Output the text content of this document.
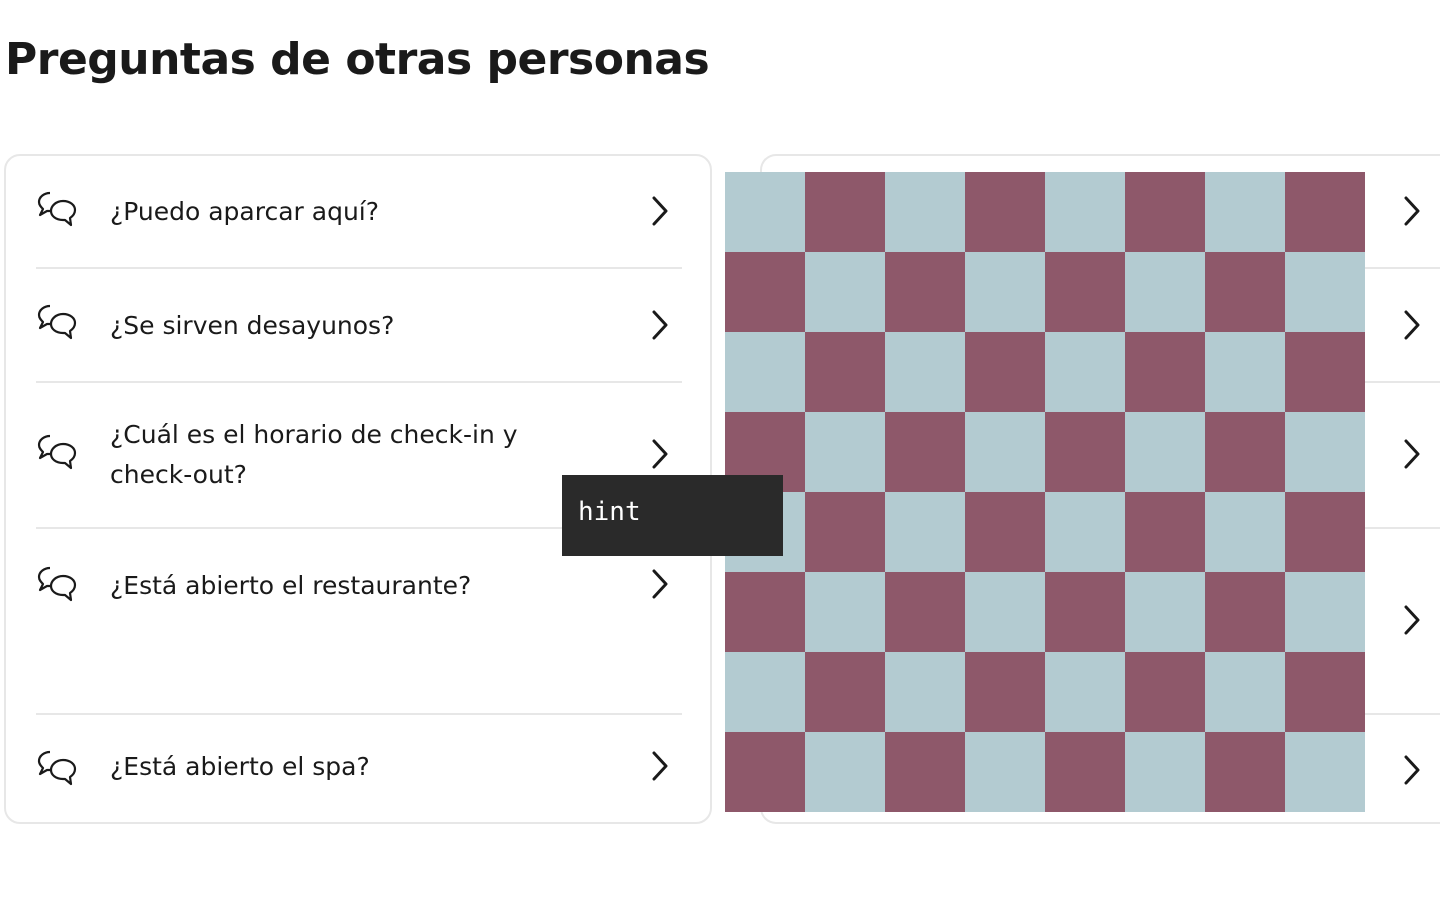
Preguntas de otras personas
¿Puedo aparcar aquí?
¿Se sirven desayunos?
¿Cuál es el horario de check-in y check-out?
¿Está abierto el restaurante?
¿Está abierto el spa?
hint
